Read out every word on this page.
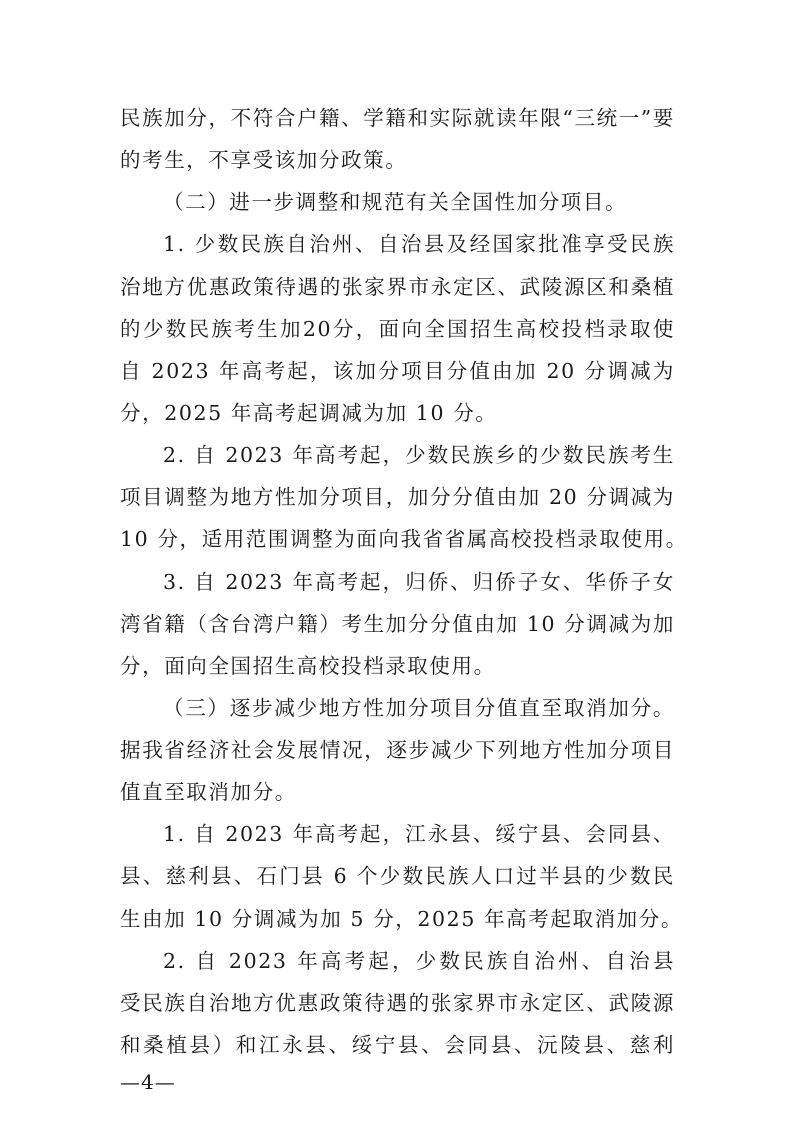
民族加分，不符合户籍、学籍和实际就读年限“三统一”要
的考生，不享受该加分政策。
（二）进一步调整和规范有关全国性加分项目。
1. 少数民族自治州、自治县及经国家批准享受民族
治地方优惠政策待遇的张家界市永定区、武陵源区和桑植
的少数民族考生加20分，面向全国招生高校投档录取使
自 2023 年高考起，该加分项目分值由加 20 分调减为
分，2025 年高考起调减为加 10 分。
2. 自 2023 年高考起，少数民族乡的少数民族考生
项目调整为地方性加分项目，加分分值由加 20 分调减为
10 分，适用范围调整为面向我省省属高校投档录取使用。
3. 自 2023 年高考起，归侨、归侨子女、华侨子女
湾省籍（含台湾户籍）考生加分分值由加 10 分调减为加
分，面向全国招生高校投档录取使用。
（三）逐步减少地方性加分项目分值直至取消加分。
据我省经济社会发展情况，逐步减少下列地方性加分项目
值直至取消加分。
1. 自 2023 年高考起，江永县、绥宁县、会同县、
县、慈利县、石门县 6 个少数民族人口过半县的少数民
生由加 10 分调减为加 5 分，2025 年高考起取消加分。
2. 自 2023 年高考起，少数民族自治州、自治县
受民族自治地方优惠政策待遇的张家界市永定区、武陵源
和桑植县）和江永县、绥宁县、会同县、沅陵县、慈利
—4—
